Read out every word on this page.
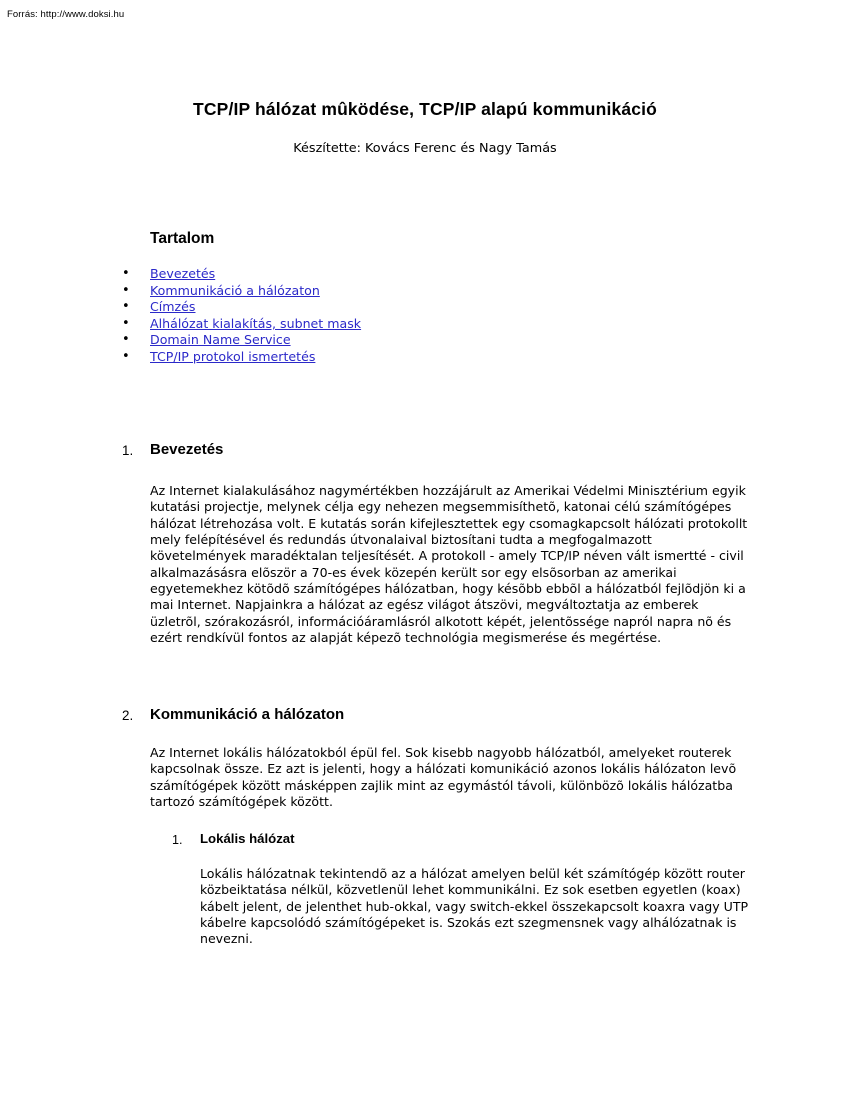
Forrás: http://www.doksi.hu
TCP/IP hálózat mûködése, TCP/IP alapú kommunikáció
Készítette: Kovács Ferenc és Nagy Tamás
Tartalom
• Bevezetés
• Kommunikáció a hálózaton
• Címzés
• Alhálózat kialakítás, subnet mask
• Domain Name Service
• TCP/IP protokol ismertetés
1. Bevezetés
Az Internet kialakulásához nagymértékben hozzájárult az Amerikai Védelmi Minisztérium egyik kutatási projectje, melynek célja egy nehezen megsemmisíthetõ, katonai célú számítógépes hálózat létrehozása volt. E kutatás során kifejlesztettek egy csomagkapcsolt hálózati protokollt mely felépítésével és redundás útvonalaival biztosítani tudta a megfogalmazott követelmények maradéktalan teljesítését. A protokoll - amely TCP/IP néven vált ismertté - civil alkalmazásásra elõször a 70-es évek közepén került sor egy elsõsorban az amerikai egyetemekhez kötõdõ számítógépes hálózatban, hogy késõbb ebbõl a hálózatból fejlõdjön ki a mai Internet. Napjainkra a hálózat az egész világot átszövi, megváltoztatja az emberek üzletrõl, szórakozásról, információáramlásról alkotott képét, jelentõssége napról napra nõ és ezért rendkívül fontos az alapját képezõ technológia megismerése és megértése.
2. Kommunikáció a hálózaton
Az Internet lokális hálózatokból épül fel. Sok kisebb nagyobb hálózatból, amelyeket routerek kapcsolnak össze. Ez azt is jelenti, hogy a hálózati komunikáció azonos lokális hálózaton levõ számítógépek között másképpen zajlik mint az egymástól távoli, különbözõ lokális hálózatba tartozó számítógépek között.
1. Lokális hálózat
Lokális hálózatnak tekintendõ az a hálózat amelyen belül két számítógép között router közbeiktatása nélkül, közvetlenül lehet kommunikálni. Ez sok esetben egyetlen (koax) kábelt jelent, de jelenthet hub-okkal, vagy switch-ekkel összekapcsolt koaxra vagy UTP kábelre kapcsolódó számítógépeket is. Szokás ezt szegmensnek vagy alhálózatnak is nevezni.
